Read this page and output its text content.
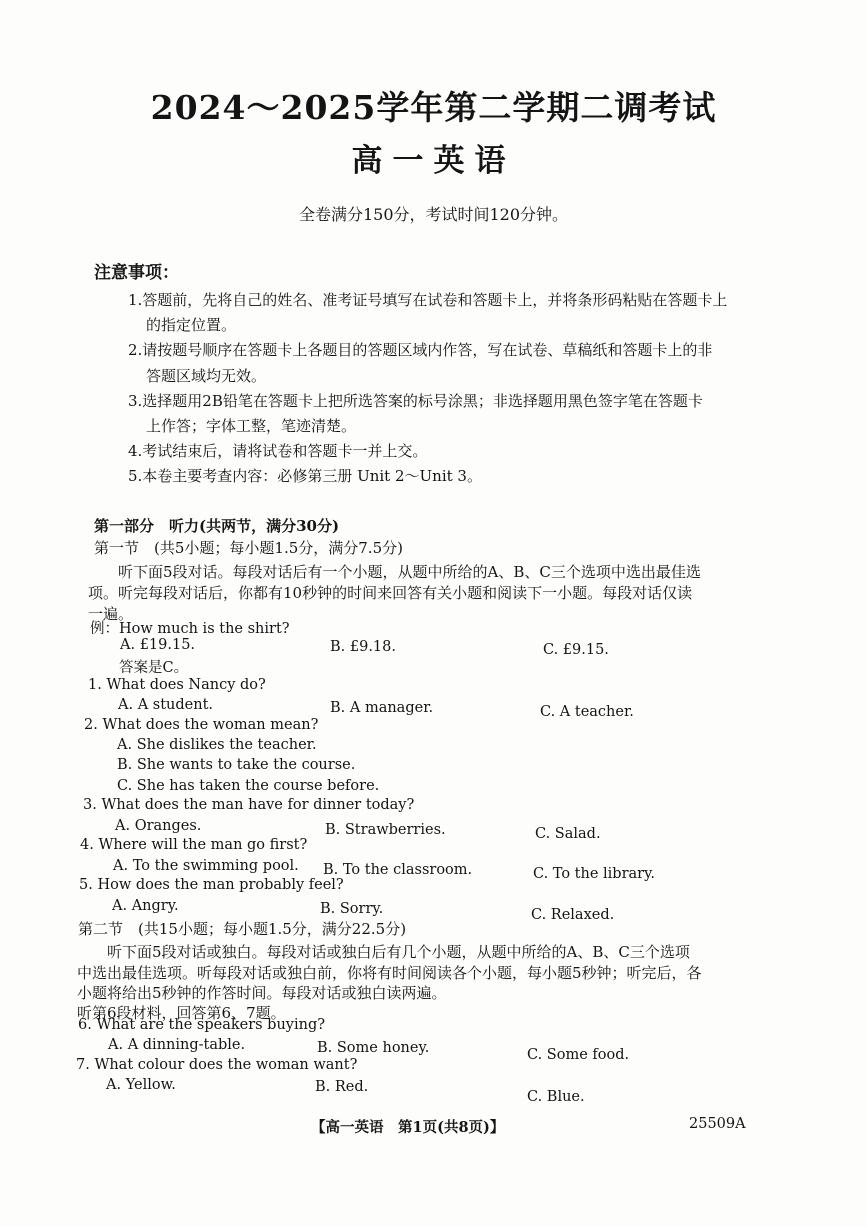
2024～2025学年第二学期二调考试
高一英语
全卷满分150分，考试时间120分钟。
注意事项：
1.答题前，先将自己的姓名、准考证号填写在试卷和答题卡上，并将条形码粘贴在答题卡上
的指定位置。
2.请按题号顺序在答题卡上各题目的答题区域内作答，写在试卷、草稿纸和答题卡上的非
答题区域均无效。
3.选择题用2B铅笔在答题卡上把所选答案的标号涂黑；非选择题用黑色签字笔在答题卡
上作答；字体工整，笔迹清楚。
4.考试结束后，请将试卷和答题卡一并上交。
5.本卷主要考查内容：必修第三册 Unit 2～Unit 3。
第一部分　听力(共两节，满分30分)
第一节　(共5小题；每小题1.5分，满分7.5分)
听下面5段对话。每段对话后有一个小题，从题中所给的A、B、C三个选项中选出最佳选
项。听完每段对话后，你都有10秒钟的时间来回答有关小题和阅读下一小题。每段对话仅读
一遍。
例：How much is the shirt?
A. £19.15.	B. £9.18.	C. £9.15.
答案是C。
1. What does Nancy do?
A. A student.	B. A manager.	C. A teacher.
2. What does the woman mean?
A. She dislikes the teacher.
B. She wants to take the course.
C. She has taken the course before.
3. What does the man have for dinner today?
A. Oranges.	B. Strawberries.	C. Salad.
4. Where will the man go first?
A. To the swimming pool. B. To the classroom.	C. To the library.
5. How does the man probably feel?
A. Angry.	B. Sorry.	C. Relaxed.
第二节　(共15小题；每小题1.5分，满分22.5分)
听下面5段对话或独白。每段对话或独白后有几个小题，从题中所给的A、B、C三个选项
中选出最佳选项。听每段对话或独白前，你将有时间阅读各个小题，每小题5秒钟；听完后，各
小题将给出5秒钟的作答时间。每段对话或独白读两遍。
听第6段材料，回答第6、7题。
6. What are the speakers buying?
A. A dinning-table.	B. Some honey.	C. Some food.
7. What colour does the woman want?
A. Yellow.	B. Red.
C. Blue.
【高一英语　第1页(共8页)】	25509A
